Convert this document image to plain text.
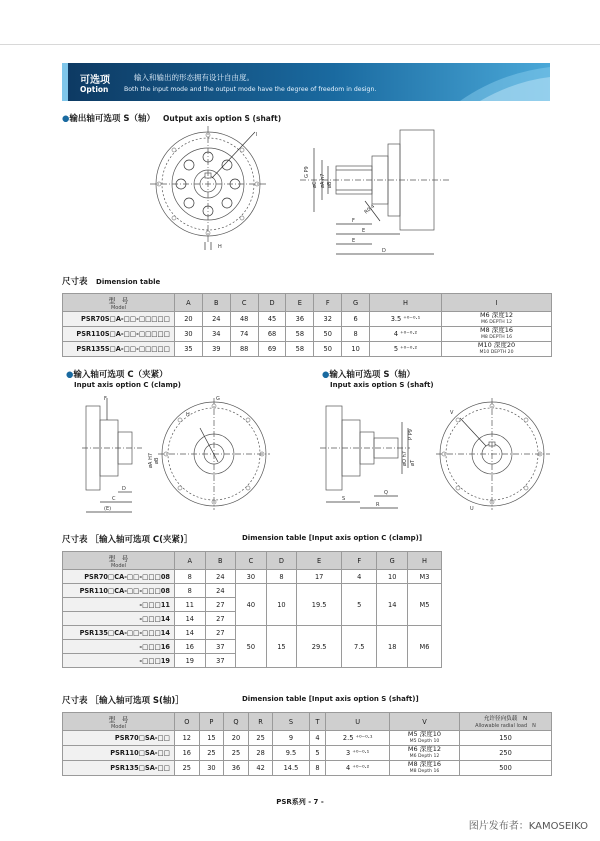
可选项	输入和输出的形态拥有设计自由度。
Option	Both the input mode and the output mode have the degree of freedom in design.
●输出轴可选项 S（轴） Output axis option S (shaft)
I
H
G P9
øC øA h7 øB
R0.4
F
E
E
D
尺寸表　 Dimension table
型　号
Model	A	B	C	D	E	F	G	H	I
PSR70S□A-□□-□□□□□	20	24	48	45	36	32	6	3.5 ⁺⁰⁻⁰·¹	M6 深度12
M6 DEPTH 12

PSR110S□A-□□-□□□□□	30	34	74	68	58	50	8	4 ⁺⁰⁻⁰·²	M8 深度16
M8 DEPTH 16

PSR135S□A-□□-□□□□□	35	39	88	69	58	50	10	5 ⁺⁰⁻⁰·²	M10 深度20
M10 DEPTH 20
●输入轴可选项 C（夹紧）
Input axis option C (clamp)
F	G
H
øA H7 øB
D
C
(E)
●输入轴可选项 S（轴）
Input axis option S (shaft)
P P9
øO h7 øT
Q
S
R
V
U
尺寸表 ［输入轴可选项 C(夹紧)］	Dimension table [Input axis option C (clamp)]
型　号
Model	A	B	C	D	E	F	G	H
PSR70□CA-□□-□□□08	8	24	30	8	17	4	10	M3
PSR110□CA-□□-□□□08	8	24	40	10	19.5	5	14	M5
-□□□11	11	27						
-□□□14	14	27						
PSR135□CA-□□-□□□14	14	27	50	15	29.5	7.5	18	M6
-□□□16	16	37						
-□□□19	19	37						
尺寸表 ［输入轴可选项 S(轴)］	Dimension table [Input axis option S (shaft)]
型　号
Model	O	P	Q	R	S	T	U	V	允许径向负载　N
Allowable radial load　N

PSR70□SA-□□	12	15	20	25	9	4	2.5 ⁺⁰⁻⁰·¹	M5 深度10
M5 Depth 10	150
PSR110□SA-□□	16	25	25	28	9.5	5	3 ⁺⁰⁻⁰·¹	M6 深度12
M6 Depth 12	250
PSR135□SA-□□	25	30	36	42	14.5	8	4 ⁺⁰⁻⁰·²	M8 深度16
M8 Depth 16	500
PSR系列 - 7 -
图片发布者：KAMOSEIKO
